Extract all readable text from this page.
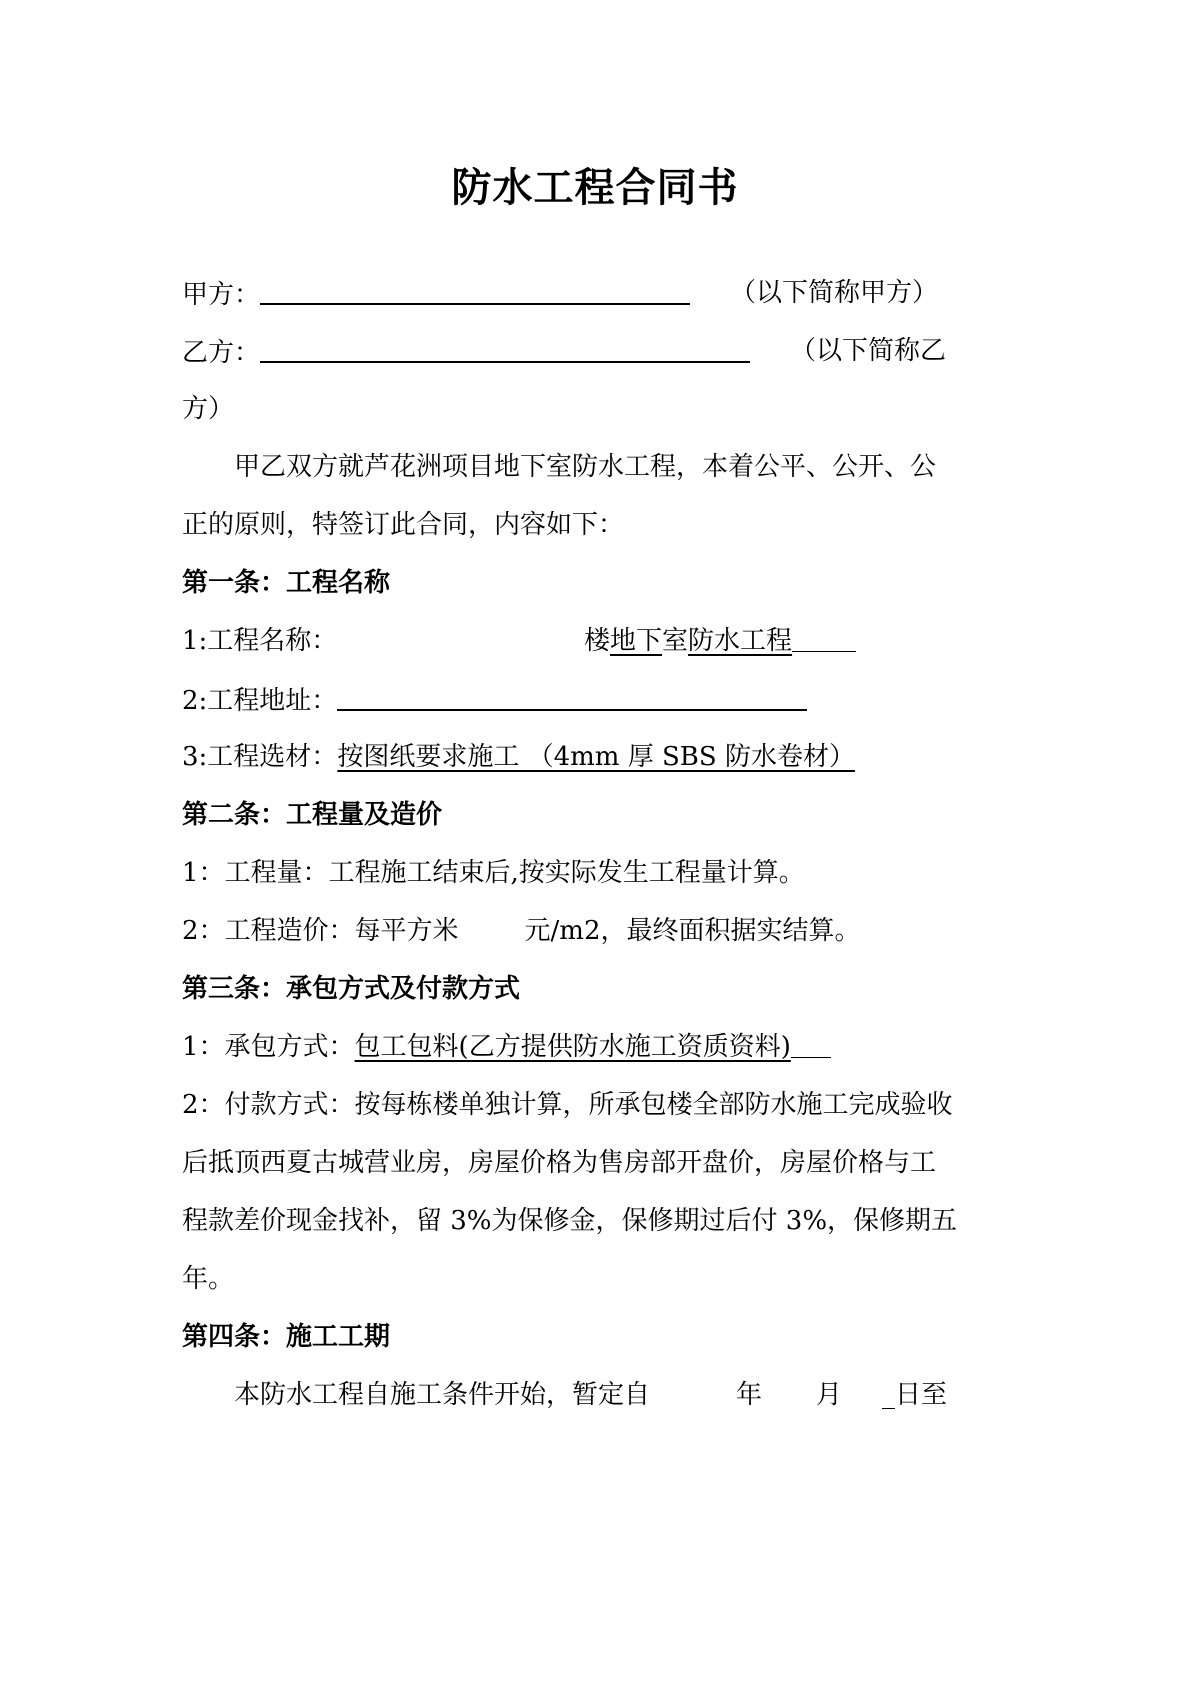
防水工程合同书
甲方：	（以下简称甲方）
乙方：	（以下简称乙
方）
甲乙双方就芦花洲项目地下室防水工程，本着公平、公开、公
正的原则，特签订此合同，内容如下：
第一条：工程名称
1:工程名称：	楼地下室防水工程
2:工程地址：
3:工程选材：按图纸要求施工 （4mm 厚 SBS 防水卷材）
第二条：工程量及造价
1：工程量：工程施工结束后,按实际发生工程量计算。
2：工程造价：每平方米	元/m2，最终面积据实结算。
第三条：承包方式及付款方式
1：承包方式：包工包料(乙方提供防水施工资质资料)
2：付款方式：按每栋楼单独计算，所承包楼全部防水施工完成验收
后抵顶西夏古城营业房，房屋价格为售房部开盘价，房屋价格与工
程款差价现金找补，留 3%为保修金，保修期过后付 3%，保修期五
年。
第四条：施工工期
本防水工程自施工条件开始，暂定自	年 月 _日至
